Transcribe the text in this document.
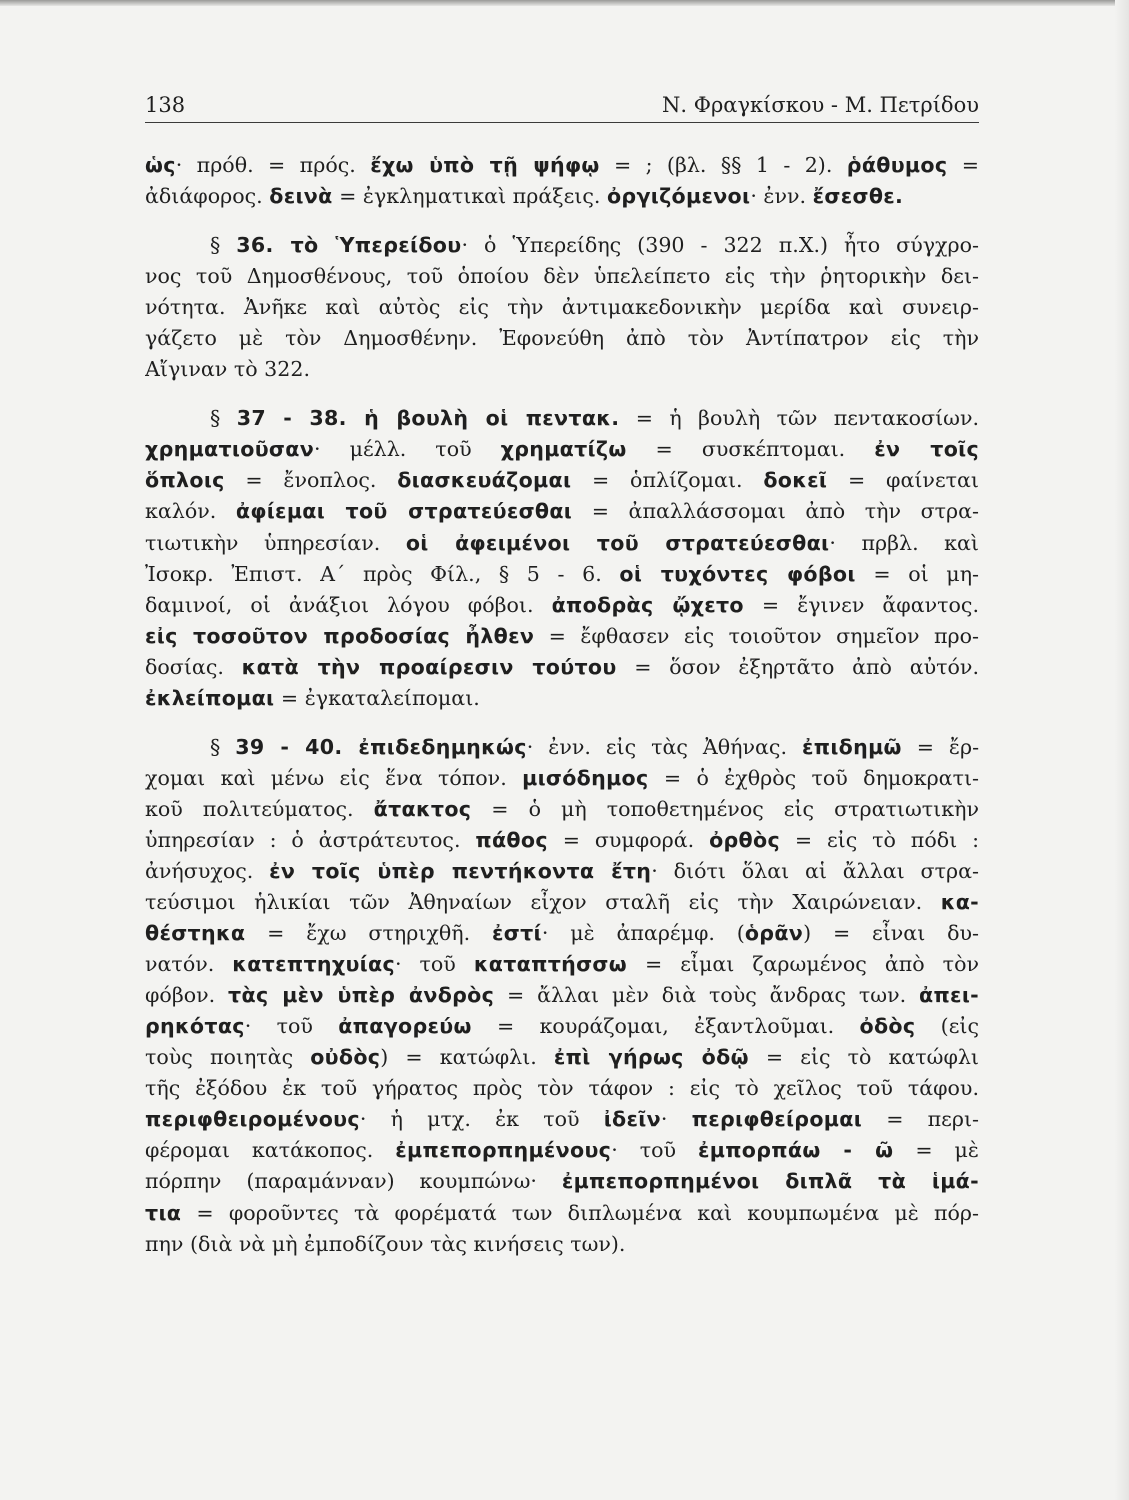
138	Ν. Φραγκίσκου - Μ. Πετρίδου
ὡς· πρόθ. = πρός. ἔχω ὑπὸ τῇ ψήφῳ = ; (βλ. §§ 1 - 2). ῥάθυμος =
ἀδιάφορος. δεινὰ = ἐγκληματικαὶ πράξεις. ὀργιζόμενοι· ἐνν. ἔσεσθε.
§ 36. τὸ Ὑπερείδου· ὁ Ὑπερείδης (390 - 322 π.Χ.) ἦτο σύγχρο-
νος τοῦ Δημοσθένους, τοῦ ὁποίου δὲν ὑπελείπετο εἰς τὴν ῥητορικὴν δει-
νότητα. Ἀνῆκε καὶ αὐτὸς εἰς τὴν ἀντιμακεδονικὴν μερίδα καὶ συνειρ-
γάζετο μὲ τὸν Δημοσθένην. Ἐφονεύθη ἀπὸ τὸν Ἀντίπατρον εἰς τὴν
Αἴγιναν τὸ 322.
§ 37 - 38. ἡ βουλὴ οἱ πεντακ. = ἡ βουλὴ τῶν πεντακοσίων.
χρηματιοῦσαν· μέλλ. τοῦ χρηματίζω = συσκέπτομαι. ἐν τοῖς
ὅπλοις = ἔνοπλος. διασκευάζομαι = ὁπλίζομαι. δοκεῖ = φαίνεται
καλόν. ἀφίεμαι τοῦ στρατεύεσθαι = ἀπαλλάσσομαι ἀπὸ τὴν στρα-
τιωτικὴν ὑπηρεσίαν. οἱ ἀφειμένοι τοῦ στρατεύεσθαι· πρβλ. καὶ
Ἰσοκρ. Ἐπιστ. Α΄ πρὸς Φίλ., § 5 - 6. οἱ τυχόντες φόβοι = οἱ μη-
δαμινοί, οἱ ἀνάξιοι λόγου φόβοι. ἀποδρὰς ᾤχετο = ἔγινεν ἄφαντος.
εἰς τοσοῦτον προδοσίας ἦλθεν = ἔφθασεν εἰς τοιοῦτον σημεῖον προ-
δοσίας. κατὰ τὴν προαίρεσιν τούτου = ὅσον ἐξηρτᾶτο ἀπὸ αὐτόν.
ἐκλείπομαι = ἐγκαταλείπομαι.
§ 39 - 40. ἐπιδεδημηκώς· ἐνν. εἰς τὰς Ἀθήνας. ἐπιδημῶ = ἔρ-
χομαι καὶ μένω εἰς ἕνα τόπον. μισόδημος = ὁ ἐχθρὸς τοῦ δημοκρατι-
κοῦ πολιτεύματος. ἄτακτος = ὁ μὴ τοποθετημένος εἰς στρατιωτικὴν
ὑπηρεσίαν : ὁ ἀστράτευτος. πάθος = συμφορά. ὀρθὸς = εἰς τὸ πόδι :
ἀνήσυχος. ἐν τοῖς ὑπὲρ πεντήκοντα ἔτη· διότι ὅλαι αἱ ἄλλαι στρα-
τεύσιμοι ἡλικίαι τῶν Ἀθηναίων εἶχον σταλῆ εἰς τὴν Χαιρώνειαν. κα-
θέστηκα = ἔχω στηριχθῆ. ἐστί· μὲ ἀπαρέμφ. (ὁρᾶν) = εἶναι δυ-
νατόν. κατεπτηχυίας· τοῦ καταπτήσσω = εἶμαι ζαρωμένος ἀπὸ τὸν
φόβον. τὰς μὲν ὑπὲρ ἀνδρὸς = ἄλλαι μὲν διὰ τοὺς ἄνδρας των. ἀπει-
ρηκότας· τοῦ ἀπαγορεύω = κουράζομαι, ἐξαντλοῦμαι. ὀδὸς (εἰς
τοὺς ποιητὰς οὐδὸς) = κατώφλι. ἐπὶ γήρως ὀδῷ = εἰς τὸ κατώφλι
τῆς ἐξόδου ἐκ τοῦ γήρατος πρὸς τὸν τάφον : εἰς τὸ χεῖλος τοῦ τάφου.
περιφθειρομένους· ἡ μτχ. ἐκ τοῦ ἰδεῖν· περιφθείρομαι = περι-
φέρομαι κατάκοπος. ἐμπεπορπημένους· τοῦ ἐμπορπάω - ῶ = μὲ
πόρπην (παραμάνναν) κουμπώνω· ἐμπεπορπημένοι διπλᾶ τὰ ἱμά-
τια = φοροῦντες τὰ φορέματά των διπλωμένα καὶ κουμπωμένα μὲ πόρ-
πην (διὰ νὰ μὴ ἐμποδίζουν τὰς κινήσεις των).
